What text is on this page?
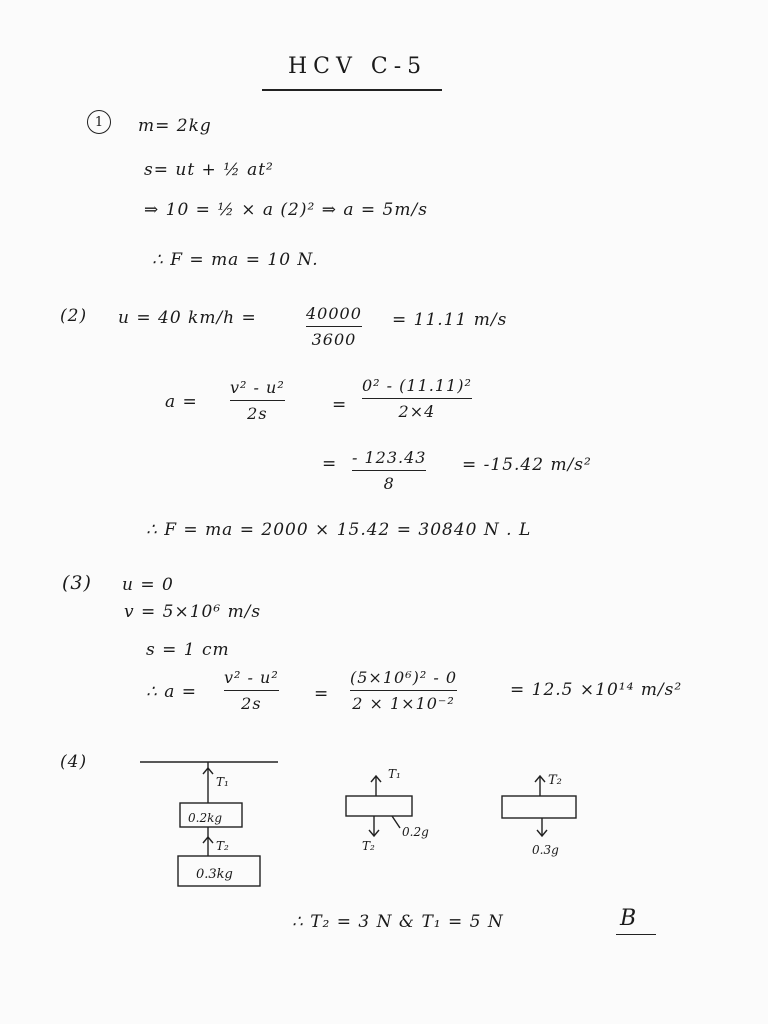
HCV C-5
1	m= 2kg
s= ut + ½ at²
⇒ 10 = ½ × a (2)² ⇒ a = 5m/s
∴ F = ma = 10 N.
(2) u = 40 km/h =	40000
3600
= 11.11 m/s
a =
v² - u²
2s	=
0² - (11.11)²
2×4
= - 123.43
8
= -15.42 m/s²
∴ F = ma = 2000 × 15.42 = 30840 N . L
(3) u = 0
v = 5×10⁶ m/s
s = 1 cm
∴ a =
v² - u²
2s	=
(5×10⁶)² - 0
2 × 1×10⁻²
= 12.5 ×10¹⁴ m/s²
(4)
T₁
0.2kg
T₂
0.3kg
T₁
0.2g
T₂
T₂
0.3g
∴ T₂ = 3 N & T₁ = 5 N	B
